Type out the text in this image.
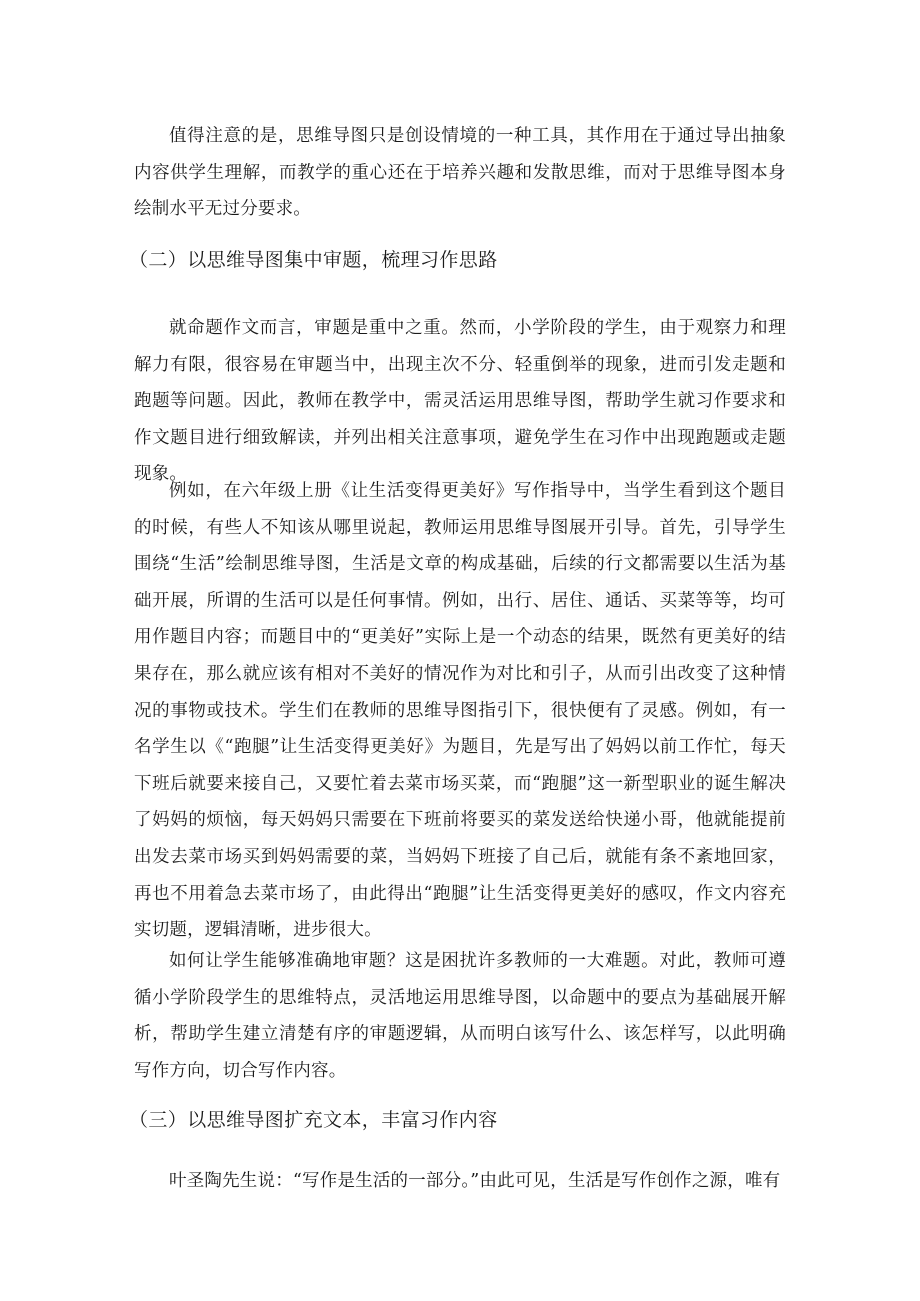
值得注意的是，思维导图只是创设情境的一种工具，其作用在于通过导出抽象内容供学生理解，而教学的重心还在于培养兴趣和发散思维，而对于思维导图本身绘制水平无过分要求。

（二）以思维导图集中审题，梳理习作思路

就命题作文而言，审题是重中之重。然而，小学阶段的学生，由于观察力和理解力有限，很容易在审题当中，出现主次不分、轻重倒举的现象，进而引发走题和跑题等问题。因此，教师在教学中，需灵活运用思维导图，帮助学生就习作要求和作文题目进行细致解读，并列出相关注意事项，避免学生在习作中出现跑题或走题现象。

例如，在六年级上册《让生活变得更美好》写作指导中，当学生看到这个题目的时候，有些人不知该从哪里说起，教师运用思维导图展开引导。首先，引导学生围绕“生活”绘制思维导图，生活是文章的构成基础，后续的行文都需要以生活为基础开展，所谓的生活可以是任何事情。例如，出行、居住、通话、买菜等等，均可用作题目内容；而题目中的“更美好”实际上是一个动态的结果，既然有更美好的结果存在，那么就应该有相对不美好的情况作为对比和引子，从而引出改变了这种情况的事物或技术。学生们在教师的思维导图指引下，很快便有了灵感。例如，有一名学生以《“跑腿”让生活变得更美好》为题目，先是写出了妈妈以前工作忙，每天下班后就要来接自己，又要忙着去菜市场买菜，而“跑腿”这一新型职业的诞生解决了妈妈的烦恼，每天妈妈只需要在下班前将要买的菜发送给快递小哥，他就能提前出发去菜市场买到妈妈需要的菜，当妈妈下班接了自己后，就能有条不紊地回家，再也不用着急去菜市场了，由此得出“跑腿”让生活变得更美好的感叹，作文内容充实切题，逻辑清晰，进步很大。

如何让学生能够准确地审题？这是困扰许多教师的一大难题。对此，教师可遵循小学阶段学生的思维特点，灵活地运用思维导图，以命题中的要点为基础展开解析，帮助学生建立清楚有序的审题逻辑，从而明白该写什么、该怎样写，以此明确写作方向，切合写作内容。

（三）以思维导图扩充文本，丰富习作内容

叶圣陶先生说：“写作是生活的一部分。”由此可见，生活是写作创作之源，唯有
